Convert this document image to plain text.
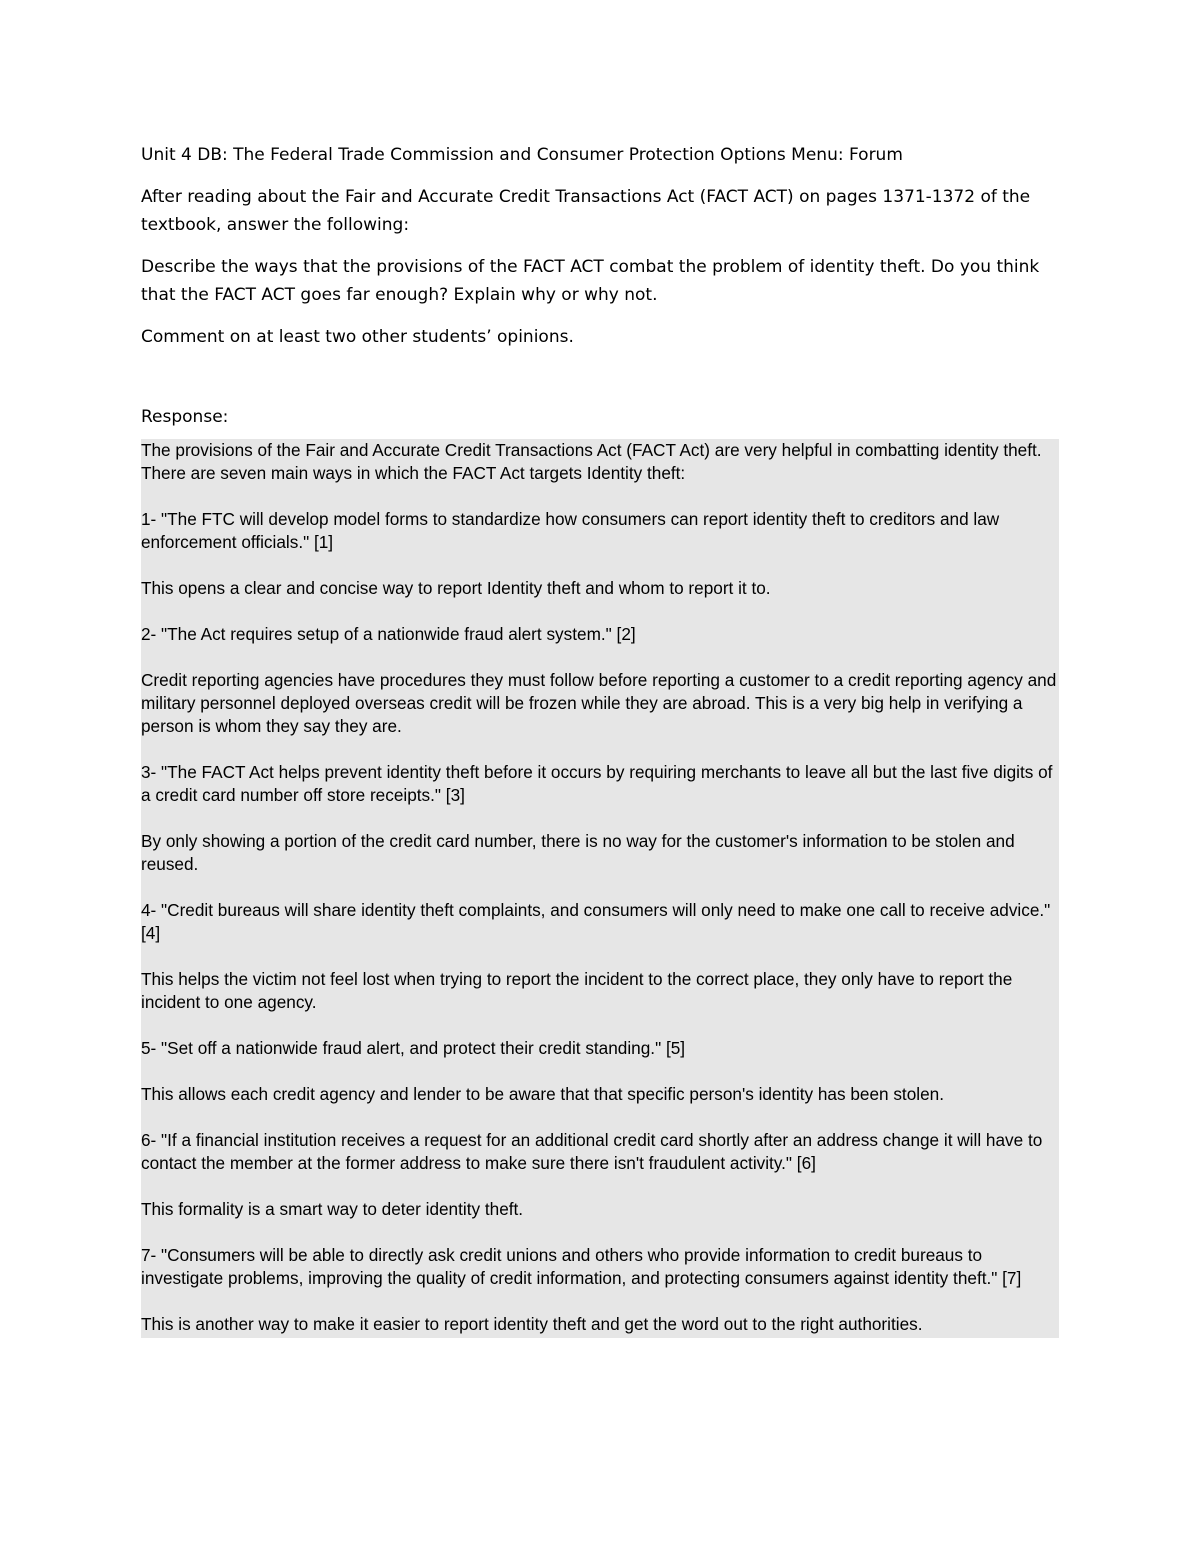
Unit 4 DB: The Federal Trade Commission and Consumer Protection Options Menu: Forum

After reading about the Fair and Accurate Credit Transactions Act (FACT ACT) on pages 1371-1372 of the textbook, answer the following:

Describe the ways that the provisions of the FACT ACT combat the problem of identity theft. Do you think that the FACT ACT goes far enough? Explain why or why not.

Comment on at least two other students’ opinions.

Response:

The provisions of the Fair and Accurate Credit Transactions Act (FACT Act) are very helpful in combatting identity theft. There are seven main ways in which the FACT Act targets Identity theft:

1- "The FTC will develop model forms to standardize how consumers can report identity theft to creditors and law enforcement officials." [1]

This opens a clear and concise way to report Identity theft and whom to report it to.

2- "The Act requires setup of a nationwide fraud alert system." [2]

Credit reporting agencies have procedures they must follow before reporting a customer to a credit reporting agency and military personnel deployed overseas credit will be frozen while they are abroad. This is a very big help in verifying a person is whom they say they are.

3- "The FACT Act helps prevent identity theft before it occurs by requiring merchants to leave all but the last five digits of a credit card number off store receipts." [3]

By only showing a portion of the credit card number, there is no way for the customer's information to be stolen and reused.

4- "Credit bureaus will share identity theft complaints, and consumers will only need to make one call to receive advice." [4]

This helps the victim not feel lost when trying to report the incident to the correct place, they only have to report the incident to one agency.

5- "Set off a nationwide fraud alert, and protect their credit standing." [5]

This allows each credit agency and lender to be aware that that specific person's identity has been stolen.

6- "If a financial institution receives a request for an additional credit card shortly after an address change it will have to contact the member at the former address to make sure there isn't fraudulent activity." [6]

This formality is a smart way to deter identity theft.

7- "Consumers will be able to directly ask credit unions and others who provide information to credit bureaus to investigate problems, improving the quality of credit information, and protecting consumers against identity theft." [7]

This is another way to make it easier to report identity theft and get the word out to the right authorities.
